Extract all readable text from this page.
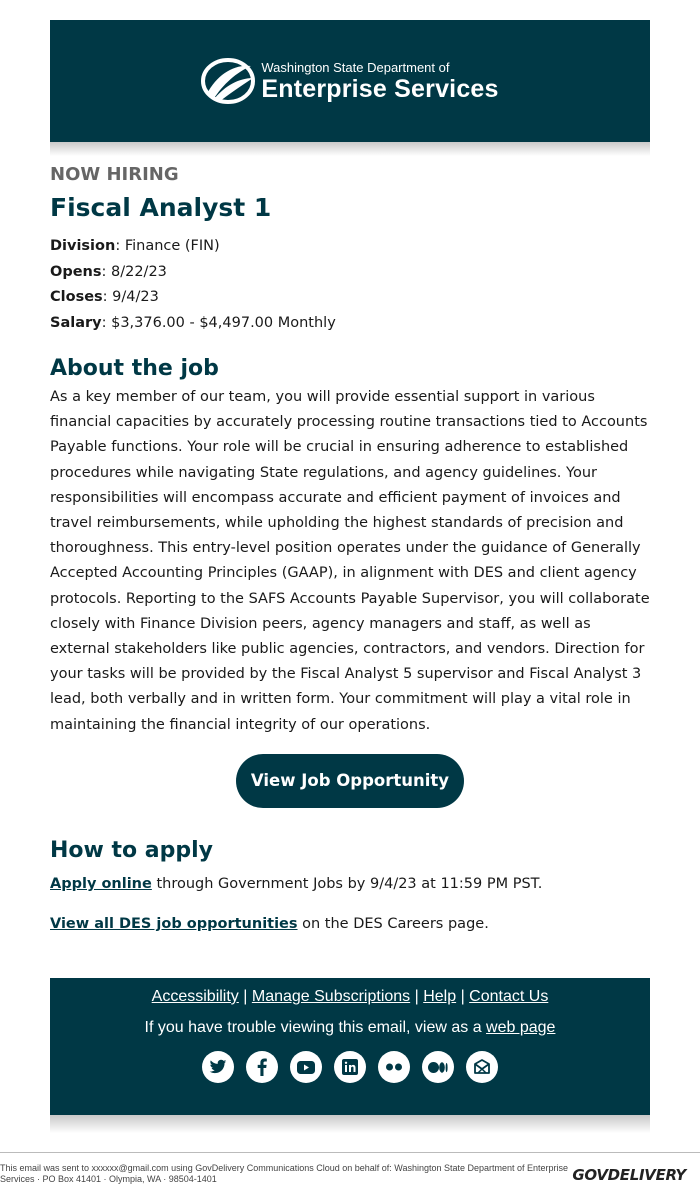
Washington State Department of
Enterprise Services
NOW HIRING
Fiscal Analyst 1
Division: Finance (FIN)
Opens: 8/22/23
Closes: 9/4/23
Salary: $3,376.00 - $4,497.00 Monthly
About the job

As a key member of our team, you will provide essential support in various financial capacities by accurately processing routine transactions tied to Accounts Payable functions. Your role will be crucial in ensuring adherence to established procedures while navigating State regulations, and agency guidelines. Your responsibilities will encompass accurate and efficient payment of invoices and travel reimbursements, while upholding the highest standards of precision and thoroughness. This entry-level position operates under the guidance of Generally Accepted Accounting Principles (GAAP), in alignment with DES and client agency protocols. Reporting to the SAFS Accounts Payable Supervisor, you will collaborate closely with Finance Division peers, agency managers and staff, as well as external stakeholders like public agencies, contractors, and vendors. Direction for your tasks will be provided by the Fiscal Analyst 5 supervisor and Fiscal Analyst 3 lead, both verbally and in written form. Your commitment will play a vital role in maintaining the financial integrity of our operations.

View Job Opportunity
How to apply

Apply online through Government Jobs by 9/4/23 at 11:59 PM PST.

View all DES job opportunities on the DES Careers page.

Accessibility | Manage Subscriptions | Help | Contact Us
If you have trouble viewing this email, view as a web page
This email was sent to xxxxxx@gmail.com using GovDelivery Communications Cloud on behalf of: Washington State Department of Enterprise Services · PO Box 41401 · Olympia, WA · 98504-1401	GOVDELIVERY
